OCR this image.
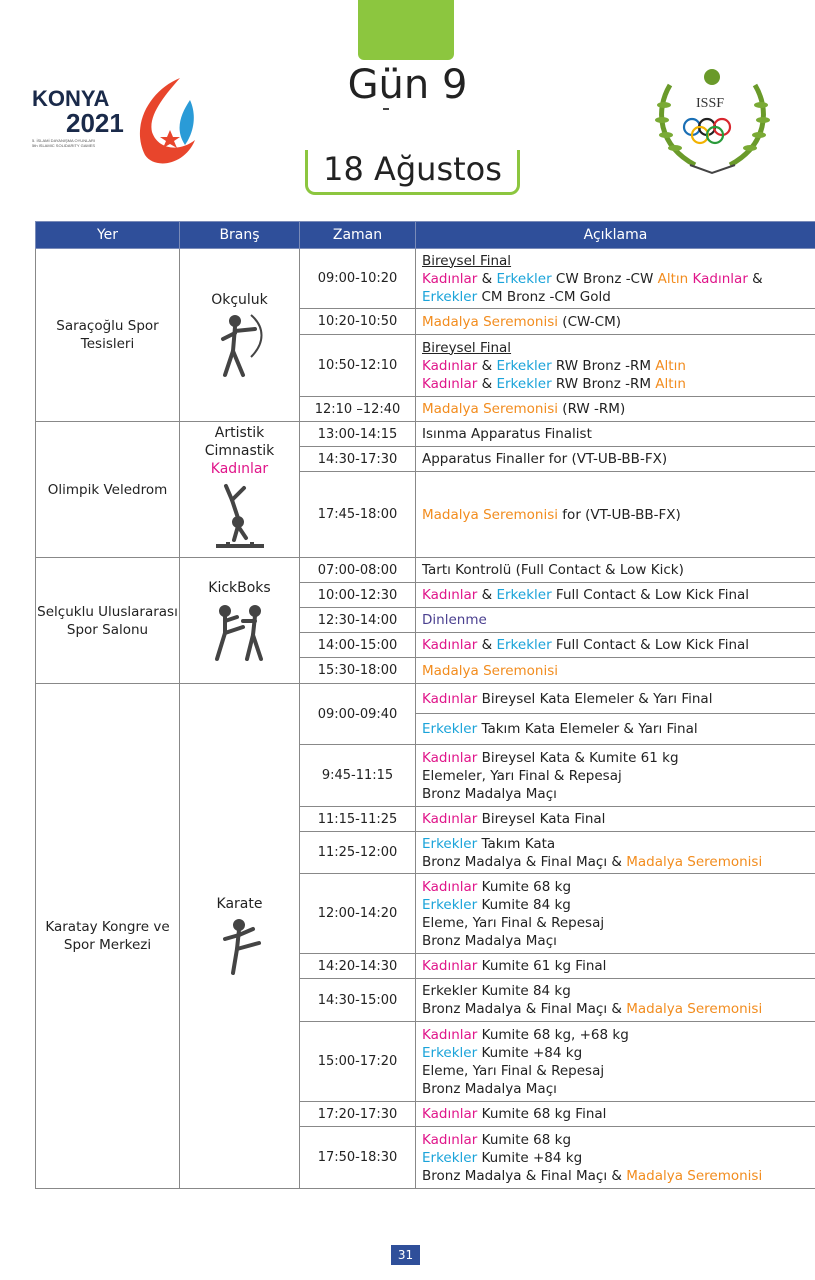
Gün 9
18 Ağustos
KONYA
2021
5. İSLAMİ DAYANIŞMA OYUNLARI
5th ISLAMIC SOLIDARITY GAMES
ISSF
Yer	Branş	Zaman	Açıklama
Saraçoğlu Spor Tesisleri	Okçuluk	09:00-10:20	Bireysel Final
Kadınlar & Erkekler CW Bronz -CW Altın Kadınlar &
Erkekler CM Bronz -CM Gold

		10:20-10:50	Madalya Seremonisi (CW-CM)
		10:50-12:10	Bireysel Final
Kadınlar & Erkekler RW Bronz -RM Altın
Kadınlar & Erkekler RW Bronz -RM Altın

		12:10 –12:40	Madalya Seremonisi (RW -RM)
Olimpik Veledrom	Artistik
Cimnastik
Kadınlar	13:00-14:15	Isınma Apparatus Finalist
		14:30-17:30	Apparatus Finaller for (VT-UB-BB-FX)
		17:45-18:00	Madalya Seremonisi for (VT-UB-BB-FX)
Selçuklu Uluslararası Spor Salonu	KickBoks	07:00-08:00	Tartı Kontrolü (Full Contact & Low Kick)
		10:00-12:30	Kadınlar & Erkekler Full Contact & Low Kick Final
		12:30-14:00	Dinlenme
		14:00-15:00	Kadınlar & Erkekler Full Contact & Low Kick Final
		15:30-18:00	Madalya Seremonisi
Karatay Kongre ve Spor Merkezi	Karate	09:00-09:40	Kadınlar Bireysel Kata Elemeler & Yarı Final
			Erkekler Takım Kata Elemeler & Yarı Final
		9:45-11:15	Kadınlar Bireysel Kata & Kumite 61 kg
Elemeler, Yarı Final & Repesaj
Bronz Madalya Maçı

		11:15-11:25	Kadınlar Bireysel Kata Final
		11:25-12:00	Erkekler Takım Kata
Bronz Madalya & Final Maçı & Madalya Seremonisi

		12:00-14:20	Kadınlar Kumite 68 kg
Erkekler Kumite 84 kg
Eleme, Yarı Final & Repesaj
Bronz Madalya Maçı

		14:20-14:30	Kadınlar Kumite 61 kg Final
		14:30-15:00	Erkekler Kumite 84 kg
Bronz Madalya & Final Maçı & Madalya Seremonisi

		15:00-17:20	Kadınlar Kumite 68 kg, +68 kg
Erkekler Kumite +84 kg
Eleme, Yarı Final & Repesaj
Bronz Madalya Maçı

		17:20-17:30	Kadınlar Kumite 68 kg Final
		17:50-18:30	Kadınlar Kumite 68 kg
Erkekler Kumite +84 kg
Bronz Madalya & Final Maçı & Madalya Seremonisi
31
